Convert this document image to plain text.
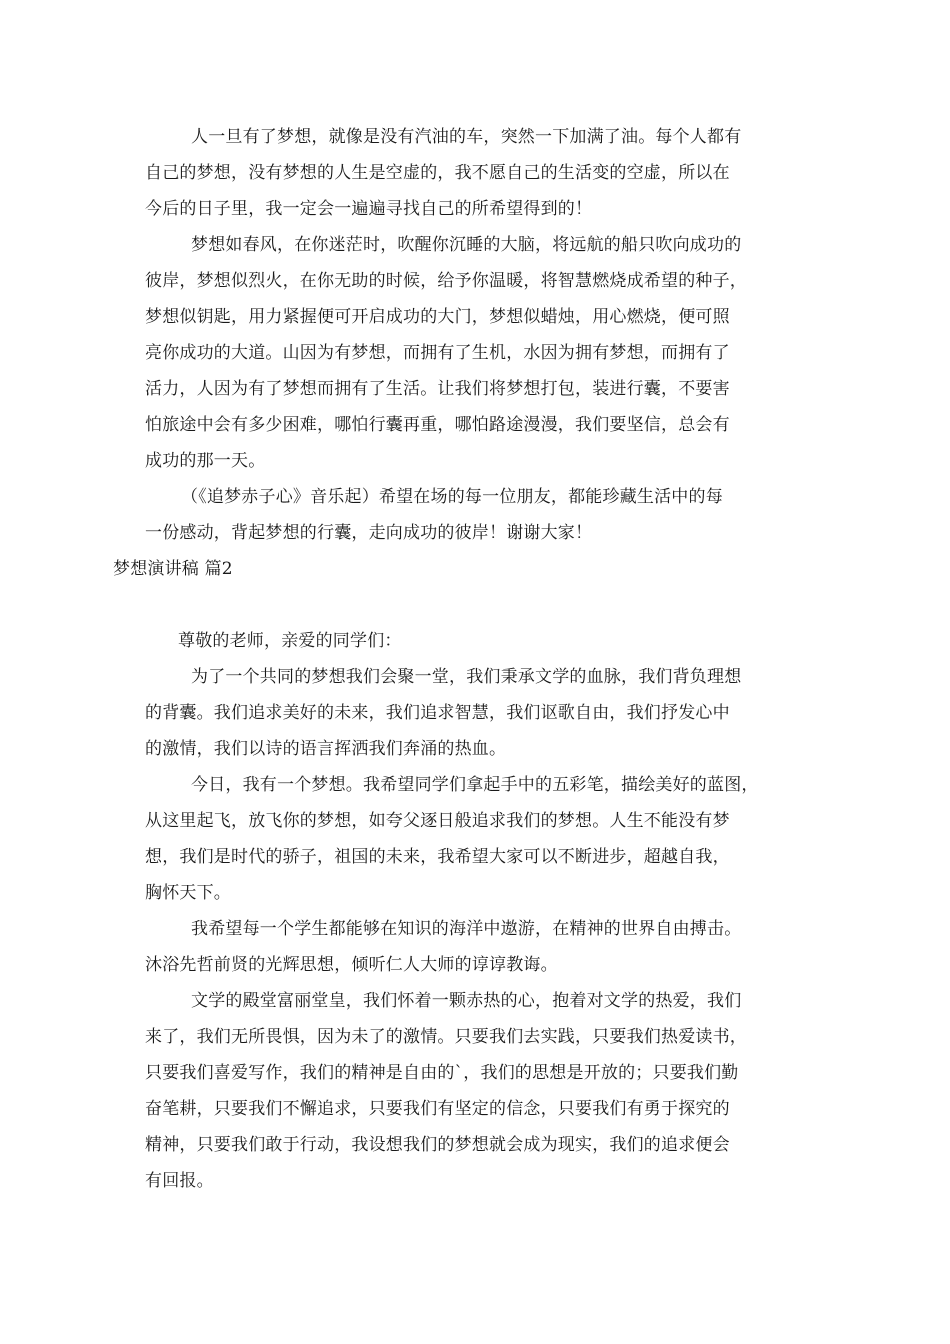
人一旦有了梦想，就像是没有汽油的车，突然一下加满了油。每个人都有
自己的梦想，没有梦想的人生是空虚的，我不愿自己的生活变的空虚，所以在
今后的日子里，我一定会一遍遍寻找自己的所希望得到的！
梦想如春风，在你迷茫时，吹醒你沉睡的大脑，将远航的船只吹向成功的
彼岸，梦想似烈火，在你无助的时候，给予你温暖，将智慧燃烧成希望的种子，
梦想似钥匙，用力紧握便可开启成功的大门，梦想似蜡烛，用心燃烧，便可照
亮你成功的大道。山因为有梦想，而拥有了生机，水因为拥有梦想，而拥有了
活力，人因为有了梦想而拥有了生活。让我们将梦想打包，装进行囊，不要害
怕旅途中会有多少困难，哪怕行囊再重，哪怕路途漫漫，我们要坚信，总会有
成功的那一天。
（《追梦赤子心》音乐起）希望在场的每一位朋友，都能珍藏生活中的每
一份感动，背起梦想的行囊，走向成功的彼岸！谢谢大家！
梦想演讲稿 篇2
尊敬的老师，亲爱的同学们：
为了一个共同的梦想我们会聚一堂，我们秉承文学的血脉，我们背负理想
的背囊。我们追求美好的未来，我们追求智慧，我们讴歌自由，我们抒发心中
的激情，我们以诗的语言挥洒我们奔涌的热血。
今日，我有一个梦想。我希望同学们拿起手中的五彩笔，描绘美好的蓝图，
从这里起飞，放飞你的梦想，如夸父逐日般追求我们的梦想。人生不能没有梦
想，我们是时代的骄子，祖国的未来，我希望大家可以不断进步，超越自我，
胸怀天下。
我希望每一个学生都能够在知识的海洋中遨游，在精神的世界自由搏击。
沐浴先哲前贤的光辉思想，倾听仁人大师的谆谆教诲。
文学的殿堂富丽堂皇，我们怀着一颗赤热的心，抱着对文学的热爱，我们
来了，我们无所畏惧，因为未了的激情。只要我们去实践，只要我们热爱读书，
只要我们喜爱写作，我们的精神是自由的`，我们的思想是开放的；只要我们勤
奋笔耕，只要我们不懈追求，只要我们有坚定的信念，只要我们有勇于探究的
精神，只要我们敢于行动，我设想我们的梦想就会成为现实，我们的追求便会
有回报。
